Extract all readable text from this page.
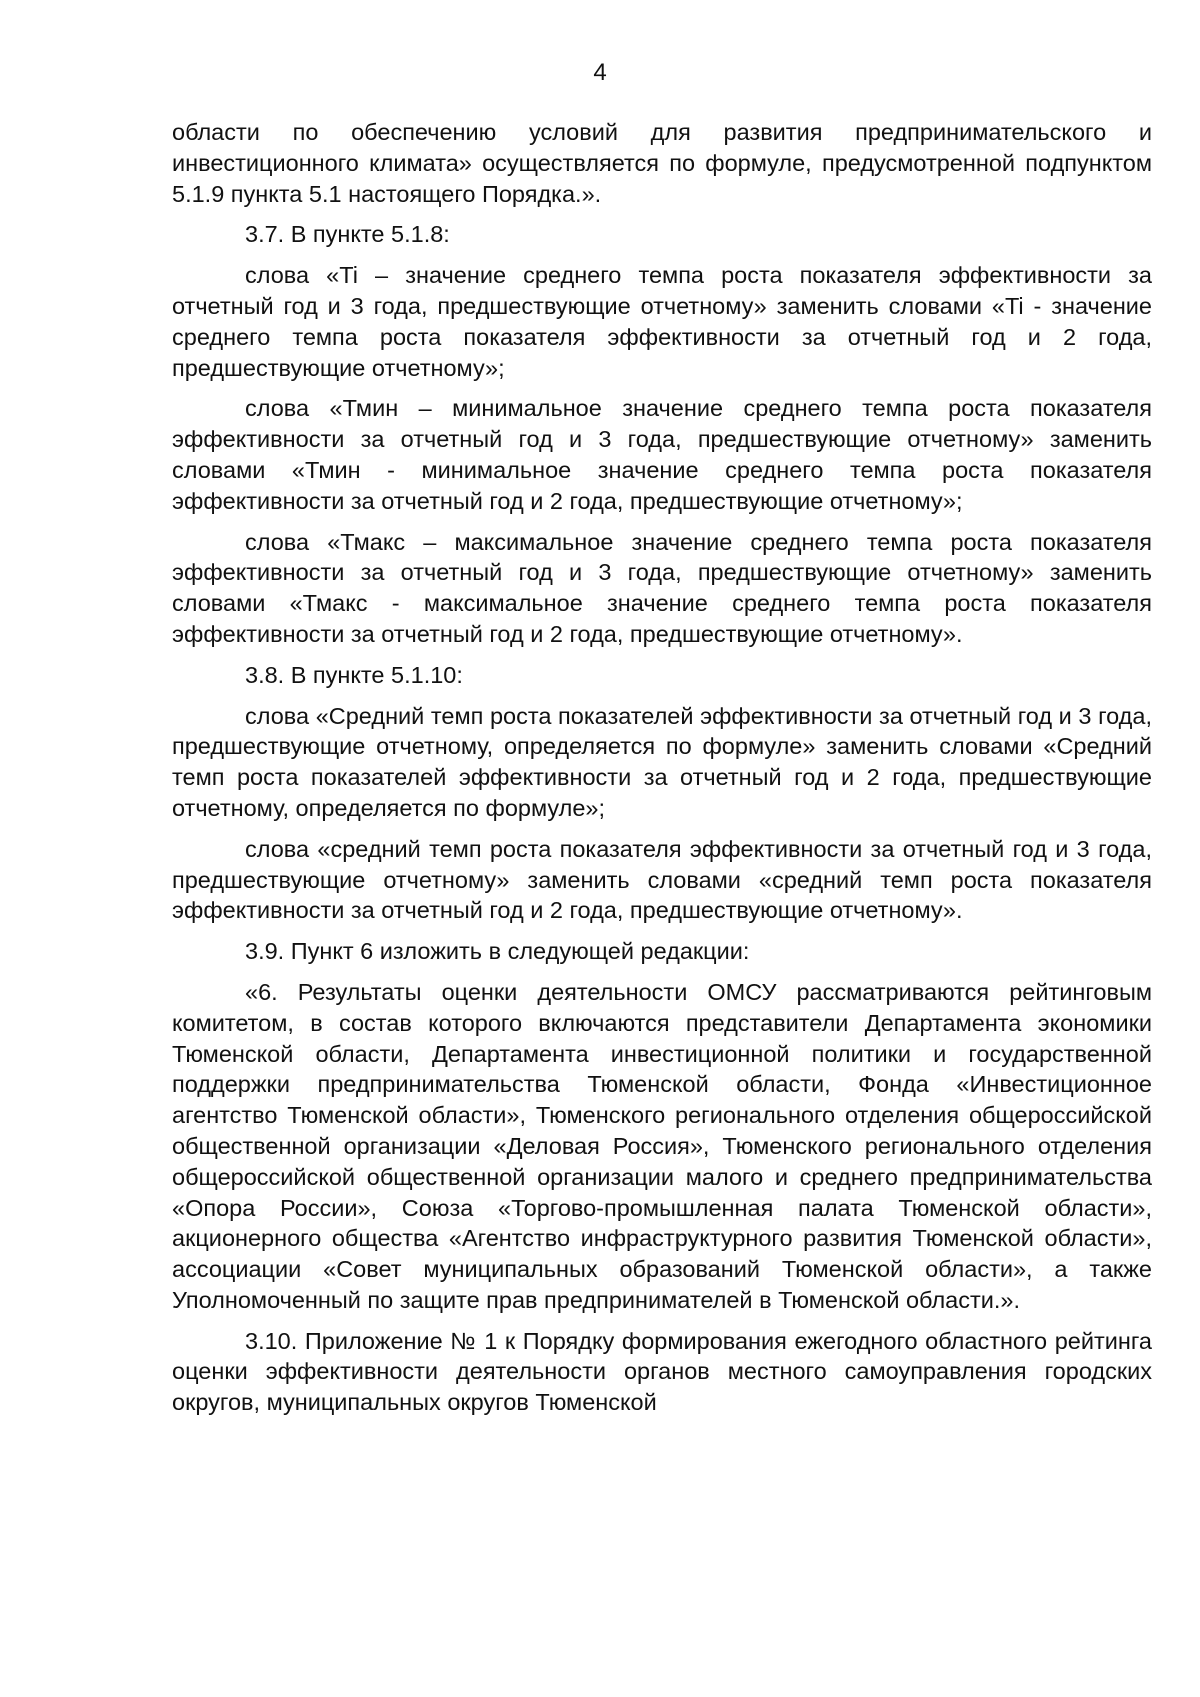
4

области по обеспечению условий для развития предпринимательского и инвестиционного климата» осуществляется по формуле, предусмотренной подпунктом 5.1.9 пункта 5.1 настоящего Порядка.».

3.7. В пункте 5.1.8:

слова «Ti – значение среднего темпа роста показателя эффективности за отчетный год и 3 года, предшествующие отчетному» заменить словами «Ti - значение среднего темпа роста показателя эффективности за отчетный год и 2 года, предшествующие отчетному»;

слова «Тмин – минимальное значение среднего темпа роста показателя эффективности за отчетный год и 3 года, предшествующие отчетному» заменить словами «Тмин - минимальное значение среднего темпа роста показателя эффективности за отчетный год и 2 года, предшествующие отчетному»;

слова «Тмакс – максимальное значение среднего темпа роста показателя эффективности за отчетный год и 3 года, предшествующие отчетному» заменить словами «Тмакс - максимальное значение среднего темпа роста показателя эффективности за отчетный год и 2 года, предшествующие отчетному».

3.8. В пункте 5.1.10:

слова «Средний темп роста показателей эффективности за отчетный год и 3 года, предшествующие отчетному, определяется по формуле» заменить словами «Средний темп роста показателей эффективности за отчетный год и 2 года, предшествующие отчетному, определяется по формуле»;

слова «средний темп роста показателя эффективности за отчетный год и 3 года, предшествующие отчетному» заменить словами «средний темп роста показателя эффективности за отчетный год и 2 года, предшествующие отчетному».

3.9. Пункт 6 изложить в следующей редакции:

«6. Результаты оценки деятельности ОМСУ рассматриваются рейтинговым комитетом, в состав которого включаются представители Департамента экономики Тюменской области, Департамента инвестиционной политики и государственной поддержки предпринимательства Тюменской области, Фонда «Инвестиционное агентство Тюменской области», Тюменского регионального отделения общероссийской общественной организации «Деловая Россия», Тюменского регионального отделения общероссийской общественной организации малого и среднего предпринимательства «Опора России», Союза «Торгово-промышленная палата Тюменской области», акционерного общества «Агентство инфраструктурного развития Тюменской области», ассоциации «Совет муниципальных образований Тюменской области», а также Уполномоченный по защите прав предпринимателей в Тюменской области.».

3.10. Приложение № 1 к Порядку формирования ежегодного областного рейтинга оценки эффективности деятельности органов местного самоуправления городских округов, муниципальных округов Тюменской
